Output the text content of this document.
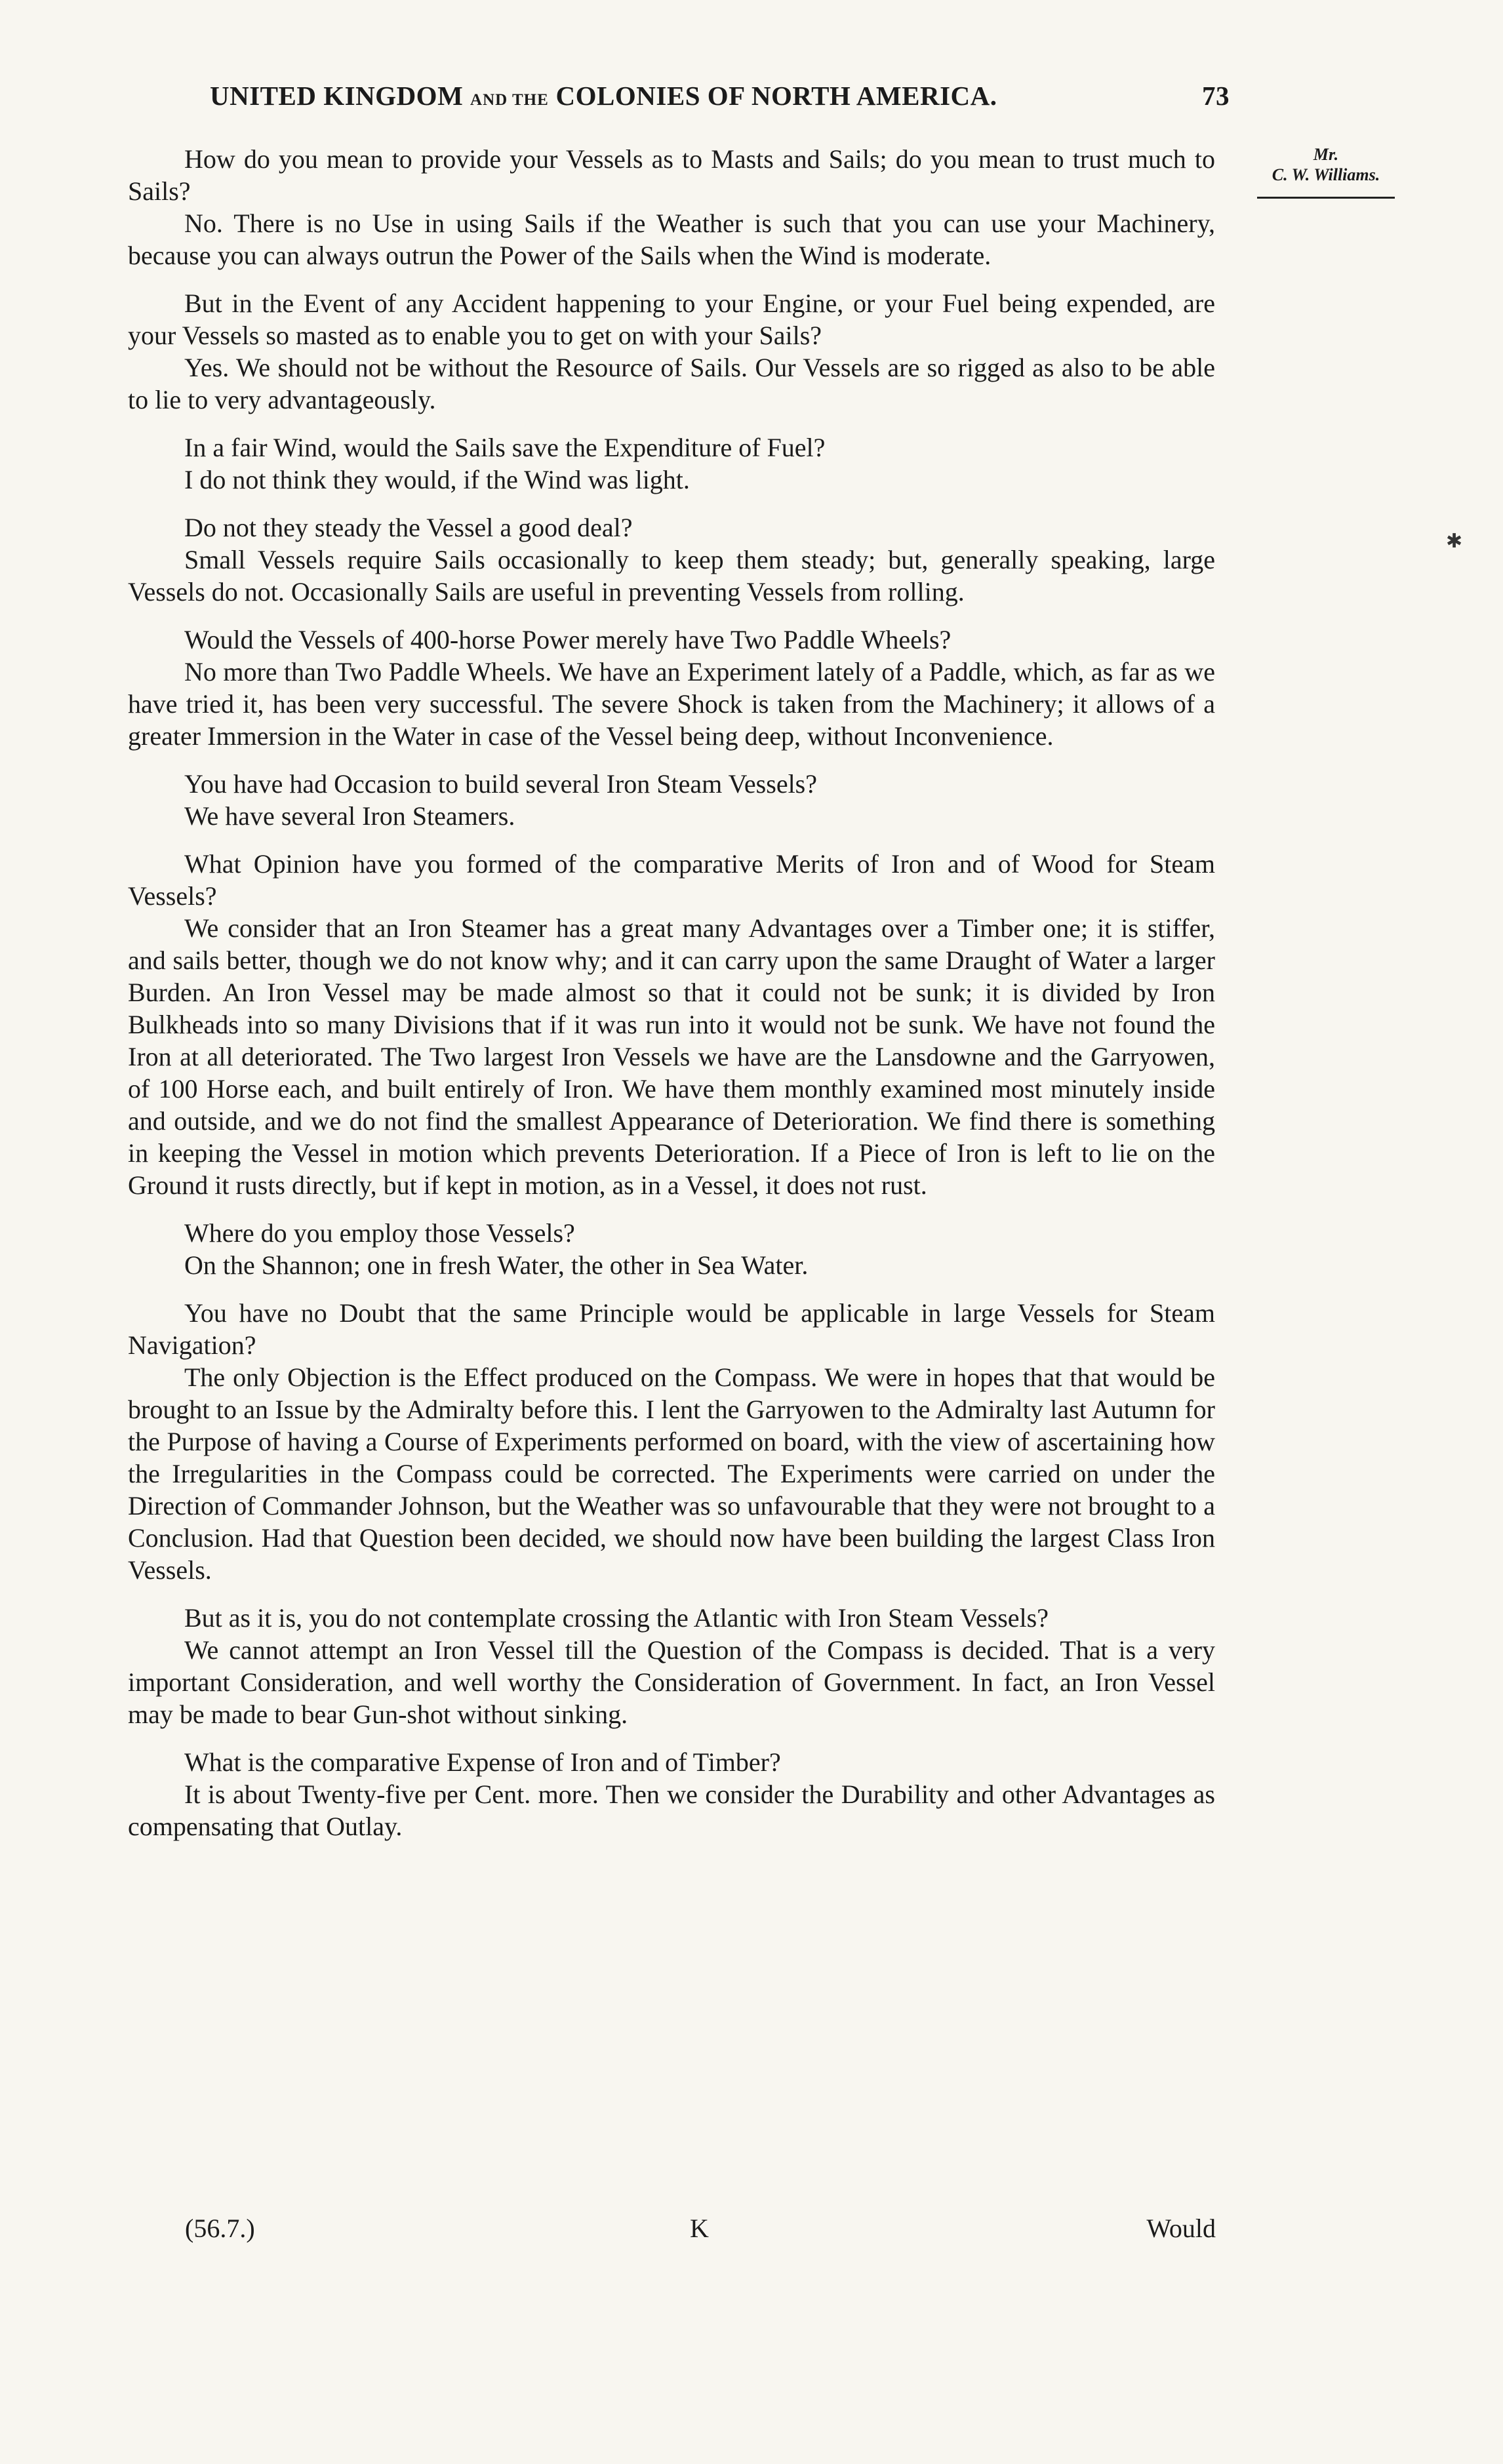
UNITED KINGDOM AND THE COLONIES OF NORTH AMERICA.	73
Mr.
C. W. Williams.
✱

How do you mean to provide your Vessels as to Masts and Sails; do you mean to trust much to Sails?

No. There is no Use in using Sails if the Weather is such that you can use your Machinery, because you can always outrun the Power of the Sails when the Wind is moderate.

But in the Event of any Accident happening to your Engine, or your Fuel being expended, are your Vessels so masted as to enable you to get on with your Sails?

Yes. We should not be without the Resource of Sails. Our Vessels are so rigged as also to be able to lie to very advantageously.

In a fair Wind, would the Sails save the Expenditure of Fuel?

I do not think they would, if the Wind was light.

Do not they steady the Vessel a good deal?

Small Vessels require Sails occasionally to keep them steady; but, generally speaking, large Vessels do not. Occasionally Sails are useful in preventing Vessels from rolling.

Would the Vessels of 400-horse Power merely have Two Paddle Wheels?

No more than Two Paddle Wheels. We have an Experiment lately of a Paddle, which, as far as we have tried it, has been very successful. The severe Shock is taken from the Machinery; it allows of a greater Immersion in the Water in case of the Vessel being deep, without Inconvenience.

You have had Occasion to build several Iron Steam Vessels?

We have several Iron Steamers.

What Opinion have you formed of the comparative Merits of Iron and of Wood for Steam Vessels?

We consider that an Iron Steamer has a great many Advantages over a Timber one; it is stiffer, and sails better, though we do not know why; and it can carry upon the same Draught of Water a larger Burden. An Iron Vessel may be made almost so that it could not be sunk; it is divided by Iron Bulkheads into so many Divisions that if it was run into it would not be sunk. We have not found the Iron at all deteriorated. The Two largest Iron Vessels we have are the Lansdowne and the Garryowen, of 100 Horse each, and built entirely of Iron. We have them monthly examined most minutely inside and outside, and we do not find the smallest Appearance of Deterioration. We find there is something in keeping the Vessel in motion which prevents Deterioration. If a Piece of Iron is left to lie on the Ground it rusts directly, but if kept in motion, as in a Vessel, it does not rust.

Where do you employ those Vessels?

On the Shannon; one in fresh Water, the other in Sea Water.

You have no Doubt that the same Principle would be applicable in large Vessels for Steam Navigation?

The only Objection is the Effect produced on the Compass. We were in hopes that that would be brought to an Issue by the Admiralty before this. I lent the Garryowen to the Admiralty last Autumn for the Purpose of having a Course of Experiments performed on board, with the view of ascertaining how the Irregularities in the Compass could be corrected. The Experiments were carried on under the Direction of Commander Johnson, but the Weather was so unfavourable that they were not brought to a Conclusion. Had that Question been decided, we should now have been building the largest Class Iron Vessels.

But as it is, you do not contemplate crossing the Atlantic with Iron Steam Vessels?

We cannot attempt an Iron Vessel till the Question of the Compass is decided. That is a very important Consideration, and well worthy the Consideration of Government. In fact, an Iron Vessel may be made to bear Gun-shot without sinking.

What is the comparative Expense of Iron and of Timber?

It is about Twenty-five per Cent. more. Then we consider the Durability and other Advantages as compensating that Outlay.

(56.7.)	K	Would
